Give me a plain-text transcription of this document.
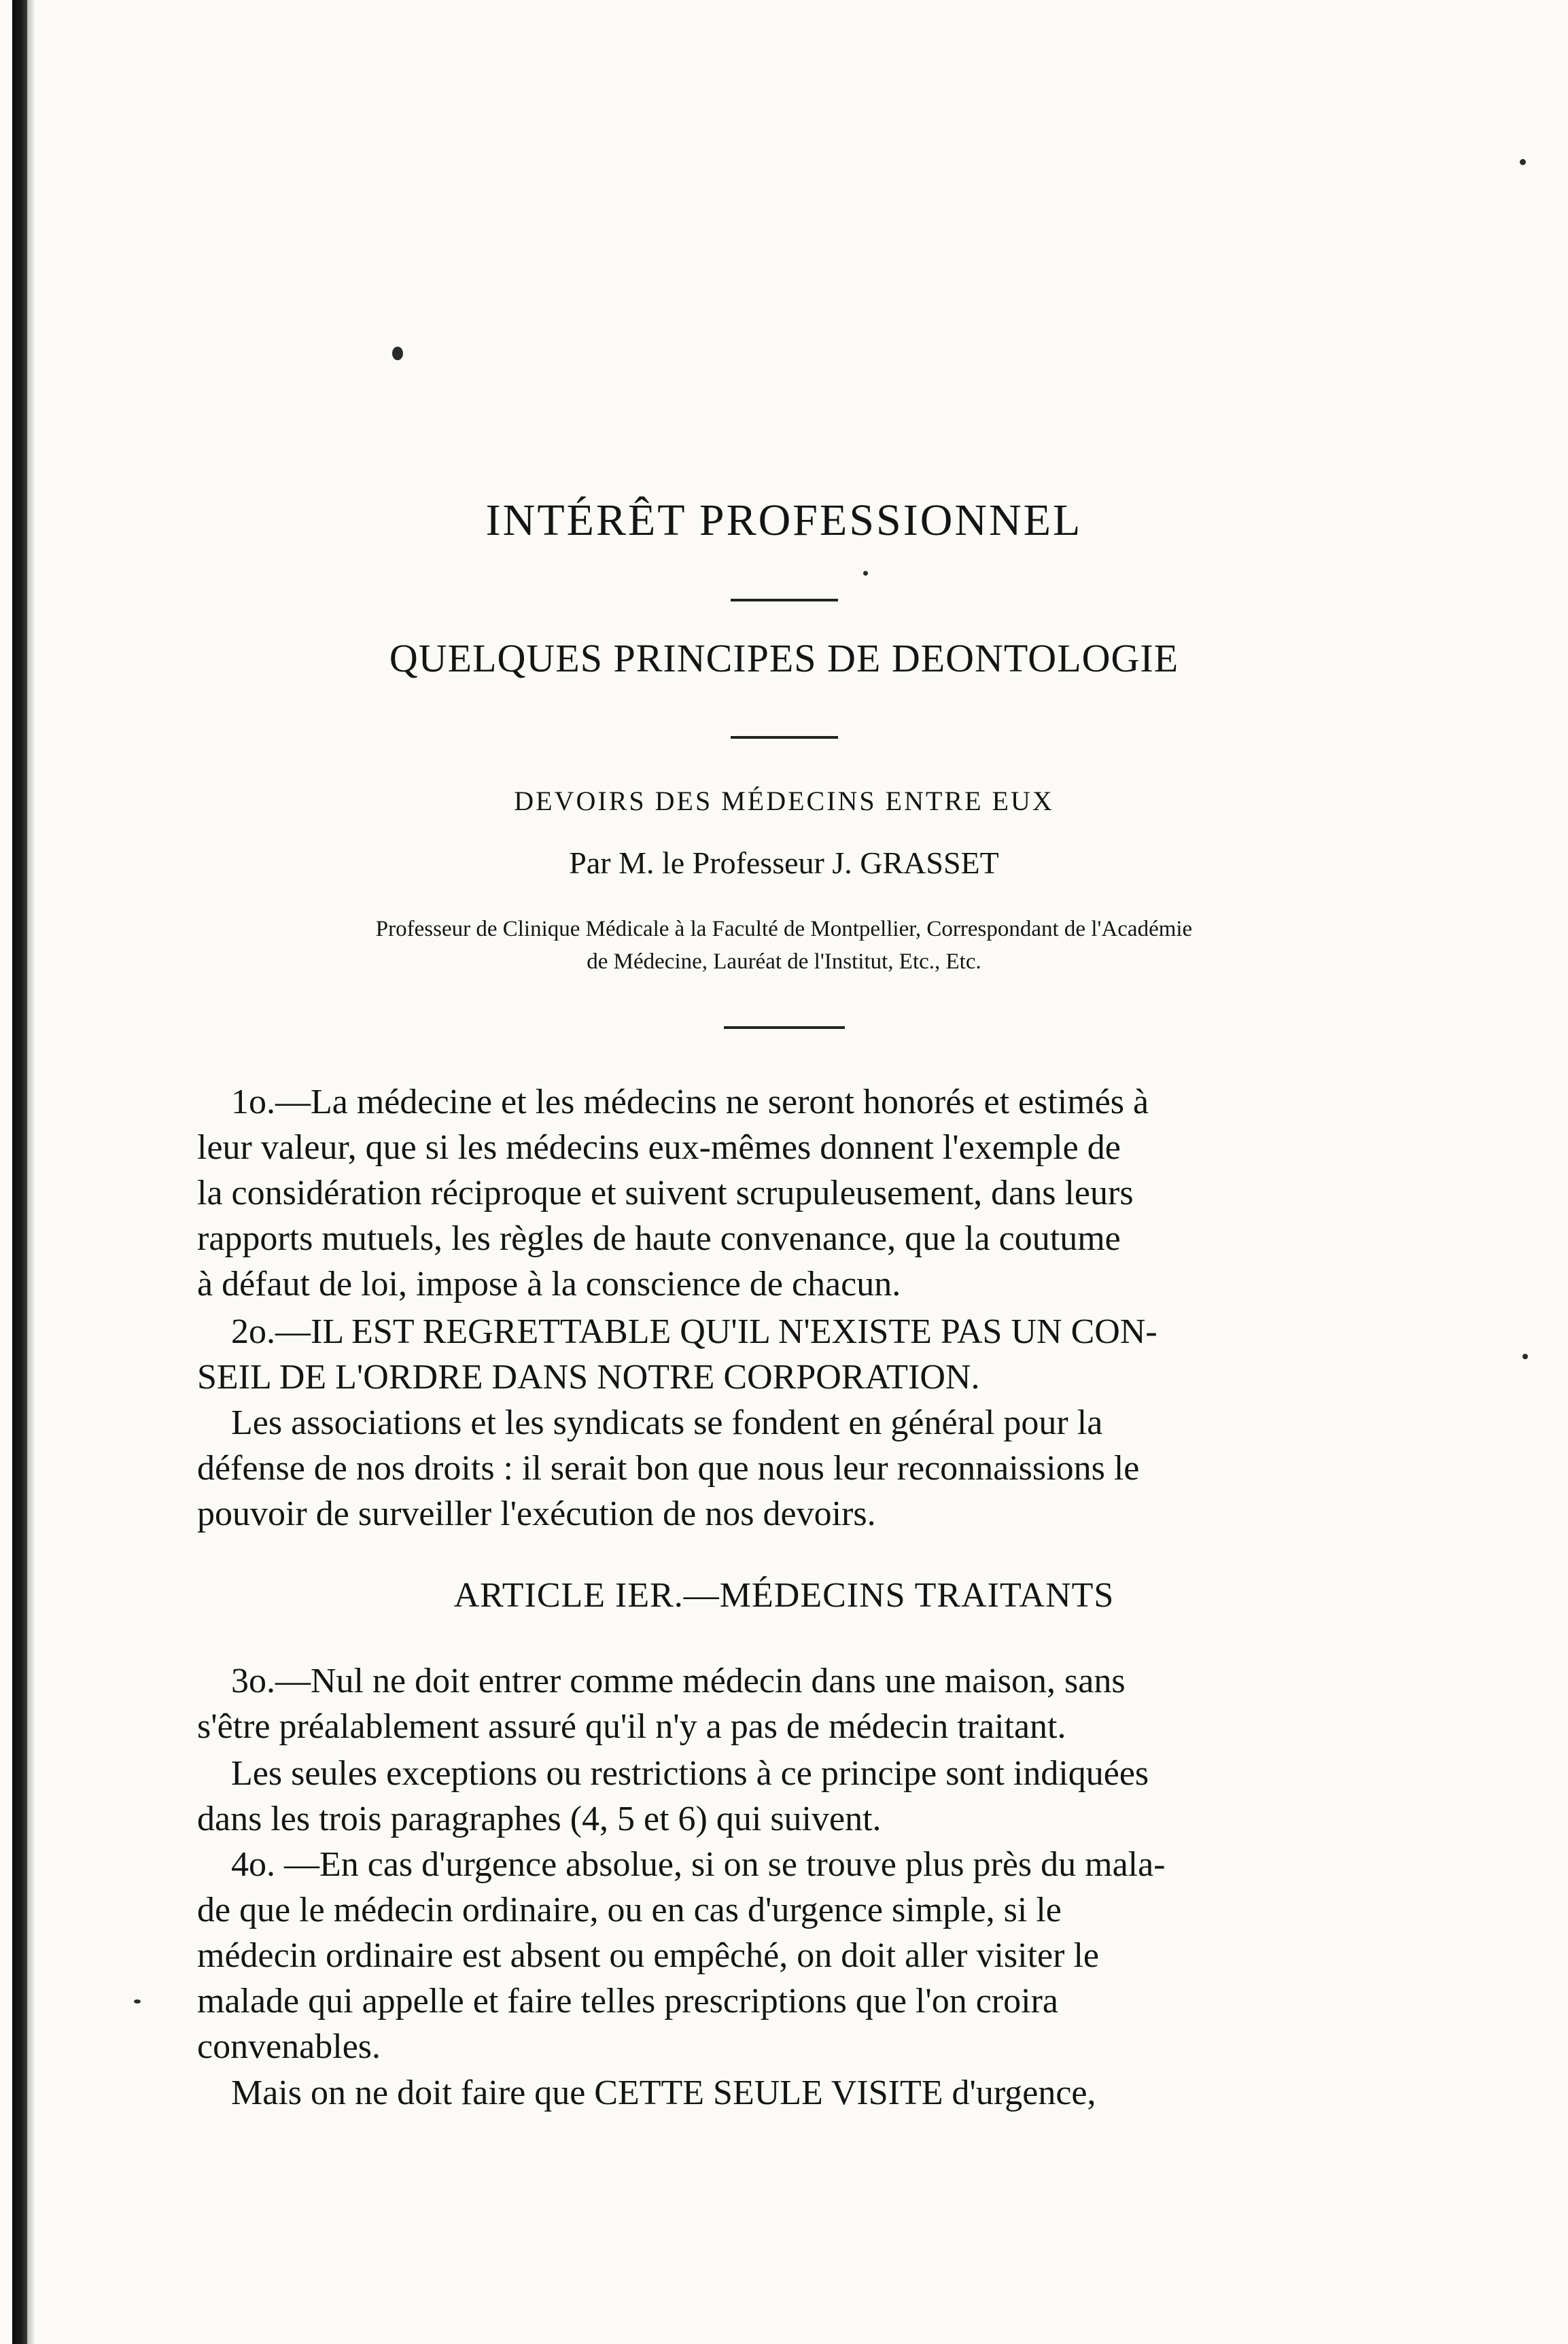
INTÉRÊT PROFESSIONNEL
QUELQUES PRINCIPES DE DEONTOLOGIE
DEVOIRS DES MÉDECINS ENTRE EUX
Par M. le Professeur J. GRASSET
Professeur de Clinique Médicale à la Faculté de Montpellier, Correspondant de l'Académie
de Médecine, Lauréat de l'Institut, Etc., Etc.
1o.—La médecine et les médecins ne seront honorés et estimés à
leur valeur, que si les médecins eux-mêmes donnent l'exemple de
la considération réciproque et suivent scrupuleusement, dans leurs
rapports mutuels, les règles de haute convenance, que la coutume
à défaut de loi, impose à la conscience de chacun.
2o.—IL EST REGRETTABLE QU'IL N'EXISTE PAS UN CON-
SEIL DE L'ORDRE DANS NOTRE CORPORATION.
Les associations et les syndicats se fondent en général pour la
défense de nos droits : il serait bon que nous leur reconnaissions le
pouvoir de surveiller l'exécution de nos devoirs.
ARTICLE IER.—MÉDECINS TRAITANTS
3o.—Nul ne doit entrer comme médecin dans une maison, sans
s'être préalablement assuré qu'il n'y a pas de médecin traitant.
Les seules exceptions ou restrictions à ce principe sont indiquées
dans les trois paragraphes (4, 5 et 6) qui suivent.
4o. —En cas d'urgence absolue, si on se trouve plus près du mala-
de que le médecin ordinaire, ou en cas d'urgence simple, si le
médecin ordinaire est absent ou empêché, on doit aller visiter le
malade qui appelle et faire telles prescriptions que l'on croira
convenables.
Mais on ne doit faire que CETTE SEULE VISITE d'urgence,
